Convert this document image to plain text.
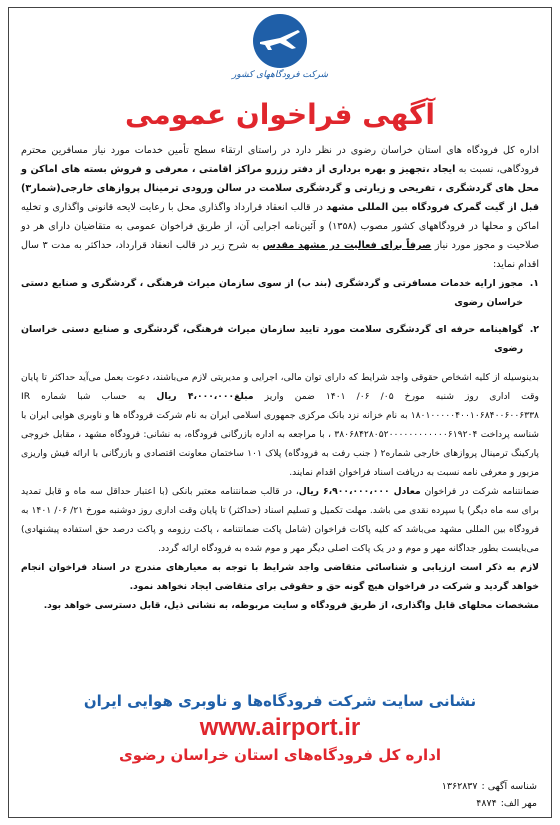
شرکت فرودگاههای کشور
آگهی فراخوان عمومی

اداره کل فرودگاه های استان خراسان رضوی در نظر دارد در راستای ارتقاء سطح تأمین خدمات مورد نیاز مسافرین محترم فرودگاهی، نسبت به ایجاد ،تجهیز و بهره برداری از دفتر رزرو مراکز اقامتی ، معرفی و فروش بسته های اماکن و محل های گردشگری ، تفریحی و زیارتی و گردشگری سلامت در سالن ورودی ترمینال پروازهای خارجی(شمار۳) قبل از گیت گمرک فرودگاه بین المللی مشهد در قالب انعقاد قرارداد واگذاری محل با رعایت لایحه قانونی واگذاری و تخلیه اماکن و محلها در فرودگاههای کشور مصوب (۱۳۵۸) و آئین‌نامه اجرایی آن، از طریق فراخوان عمومی به متقاضیان دارای هر دو صلاحیت و مجوز مورد نیاز صرفاً برای فعالیت در مشهد مقدس به شرح زیر در قالب انعقاد قرارداد، حداکثر به مدت ۳ سال اقدام نماید:

۱.
مجوز ارایه خدمات مسافرتی و گردشگری (بند ب) از سوی سازمان میراث فرهنگی ، گردشگری و صنایع دستی خراسان رضوی
۲.
گواهینامه حرفه ای گردشگری سلامت مورد تایید سازمان میراث فرهنگی، گردشگری و صنایع دستی خراسان رضوی

بدینوسیله از کلیه اشخاص حقوقی واجد شرایط که دارای توان مالی، اجرایی و مدیریتی لازم می‌باشند، دعوت بعمل می‌آید حداکثر تا پایان وقت اداری روز شنبه مورخ ۰۵/ ۰۶/ ۱۴۰۱ ضمن واریز مبلغ۴،۰۰۰،۰۰۰ ریال به حساب شبا شماره IR ۱۸۰۱۰۰۰۰۰۴۰۰۱۰۶۸۴۰۰۶۰۰۶۳۳۸ به نام خزانه نزد بانک مرکزی جمهوری اسلامی ایران به نام شرکت فرودگاه ها و ناوبری هوایی ایران با شناسه پرداخت ۳۸۰۶۸۴۲۸۰۵۲۰۰۰۰۰۰۰۰۰۰۰۰۶۱۹۲۰۴ ، با مراجعه به اداره بازرگانی فرودگاه، به نشانی: فرودگاه مشهد ، مقابل خروجی پارکینگ ترمینال پروازهای خارجی شماره۲ ( جنب رفت به فرودگاه) پلاک ۱۰۱ ساختمان معاونت اقتصادی و بازرگانی با ارائه فیش واریزی مزبور و معرفی نامه نسبت به دریافت اسناد فراخوان اقدام نمایند.

ضمانتنامه شرکت در فراخوان معادل ۶،۹۰۰،۰۰۰،۰۰۰ ریال، در قالب ضمانتنامه معتبر بانکی (با اعتبار حداقل سه ماه و قابل تمدید برای سه ماه دیگر) یا سپرده نقدی می باشد. مهلت تکمیل و تسلیم اسناد (حداکثر) تا پایان وقت اداری روز دوشنبه مورخ ۲۱/ ۰۶/ ۱۴۰۱ به فرودگاه بین المللی مشهد می‌باشد که کلیه پاکات فراخوان (شامل پاکت ضمانتنامه ، پاکت رزومه و پاکت درصد حق استفاده پیشنهادی) می‌بایست بطور جداگانه مهر و موم و در یک پاکت اصلی دیگر مهر و موم شده به فرودگاه ارائه گردد.

لازم به ذکر است ارزیابی و شناسائی متقاضی واجد شرایط با توجه به معیارهای مندرج در اسناد فراخوان انجام خواهد گردید و شرکت در فراخوان هیچ گونه حق و حقوقی برای متقاضی ایجاد نخواهد نمود.

مشخصات محلهای قابل واگذاری، از طریق فرودگاه و سایت مربوطه، به نشانی ذیل، قابل دسترسی خواهد بود.

نشانی سایت شرکت فرودگاه‌ها و ناوبری هوایی ایران
www.airport.ir
اداره کل فرودگاه‌های استان خراسان رضوی
شناسه آگهی :۱۳۶۲۸۳۷
مهر الف:۴۸۷۴
